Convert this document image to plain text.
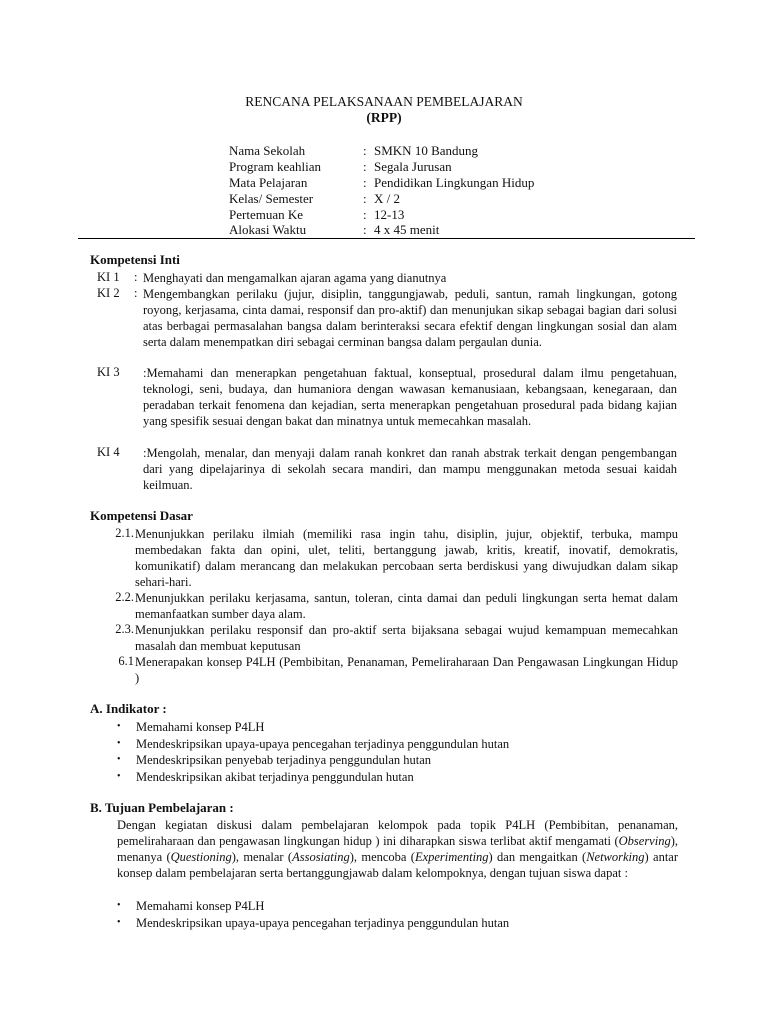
RENCANA PELAKSANAAN PEMBELAJARAN
(RPP)
Nama Sekolah	: SMKN 10 Bandung
Program keahlian	: Segala Jurusan
Mata Pelajaran	: Pendidikan Lingkungan Hidup
Kelas/ Semester	: X / 2
Pertemuan Ke	: 12-13
Alokasi Waktu	: 4 x 45 menit
Kompetensi Inti
KI 1 : Menghayati dan mengamalkan ajaran agama yang dianutnya
KI 2 : Mengembangkan perilaku (jujur, disiplin, tanggungjawab, peduli, santun, ramah lingkungan, gotong royong, kerjasama, cinta damai, responsif dan pro-aktif) dan menunjukan sikap sebagai bagian dari solusi atas berbagai permasalahan bangsa dalam berinteraksi secara efektif dengan lingkungan sosial dan alam serta dalam menempatkan diri sebagai cerminan bangsa dalam pergaulan dunia.
KI 3 :Memahami dan menerapkan pengetahuan faktual, konseptual, prosedural dalam ilmu pengetahuan, teknologi, seni, budaya, dan humaniora dengan wawasan kemanusiaan, kebangsaan, kenegaraan, dan peradaban terkait fenomena dan kejadian, serta menerapkan pengetahuan prosedural pada bidang kajian yang spesifik sesuai dengan bakat dan minatnya untuk memecahkan masalah.
KI 4 :Mengolah, menalar, dan menyaji dalam ranah konkret dan ranah abstrak terkait dengan pengembangan dari yang dipelajarinya di sekolah secara mandiri, dan mampu menggunakan metoda sesuai kaidah keilmuan.
Kompetensi Dasar
2.1. Menunjukkan perilaku ilmiah (memiliki rasa ingin tahu, disiplin, jujur, objektif, terbuka, mampu membedakan fakta dan opini, ulet, teliti, bertanggung jawab, kritis, kreatif, inovatif, demokratis, komunikatif) dalam merancang dan melakukan percobaan serta berdiskusi yang diwujudkan dalam sikap sehari-hari.
2.2. Menunjukkan perilaku kerjasama, santun, toleran, cinta damai dan peduli lingkungan serta hemat dalam memanfaatkan sumber daya alam.
2.3. Menunjukkan perilaku responsif dan pro-aktif serta bijaksana sebagai wujud kemampuan memecahkan masalah dan membuat keputusan
6.1 Menerapakan konsep P4LH (Pembibitan, Penanaman, Pemeliraharaan Dan Pengawasan Lingkungan Hidup )
A. Indikator :
• Memahami konsep P4LH
• Mendeskripsikan upaya-upaya pencegahan terjadinya penggundulan hutan
• Mendeskripsikan penyebab terjadinya penggundulan hutan
• Mendeskripsikan akibat terjadinya penggundulan hutan
B. Tujuan Pembelajaran :
Dengan kegiatan diskusi dalam pembelajaran kelompok pada topik P4LH (Pembibitan, penanaman, pemeliraharaan dan pengawasan lingkungan hidup ) ini diharapkan siswa terlibat aktif mengamati (Observing), menanya (Questioning), menalar (Assosiating), mencoba (Experimenting) dan mengaitkan (Networking) antar konsep dalam pembelajaran serta bertanggungjawab dalam kelompoknya, dengan tujuan siswa dapat :
• Memahami konsep P4LH
• Mendeskripsikan upaya-upaya pencegahan terjadinya penggundulan hutan
